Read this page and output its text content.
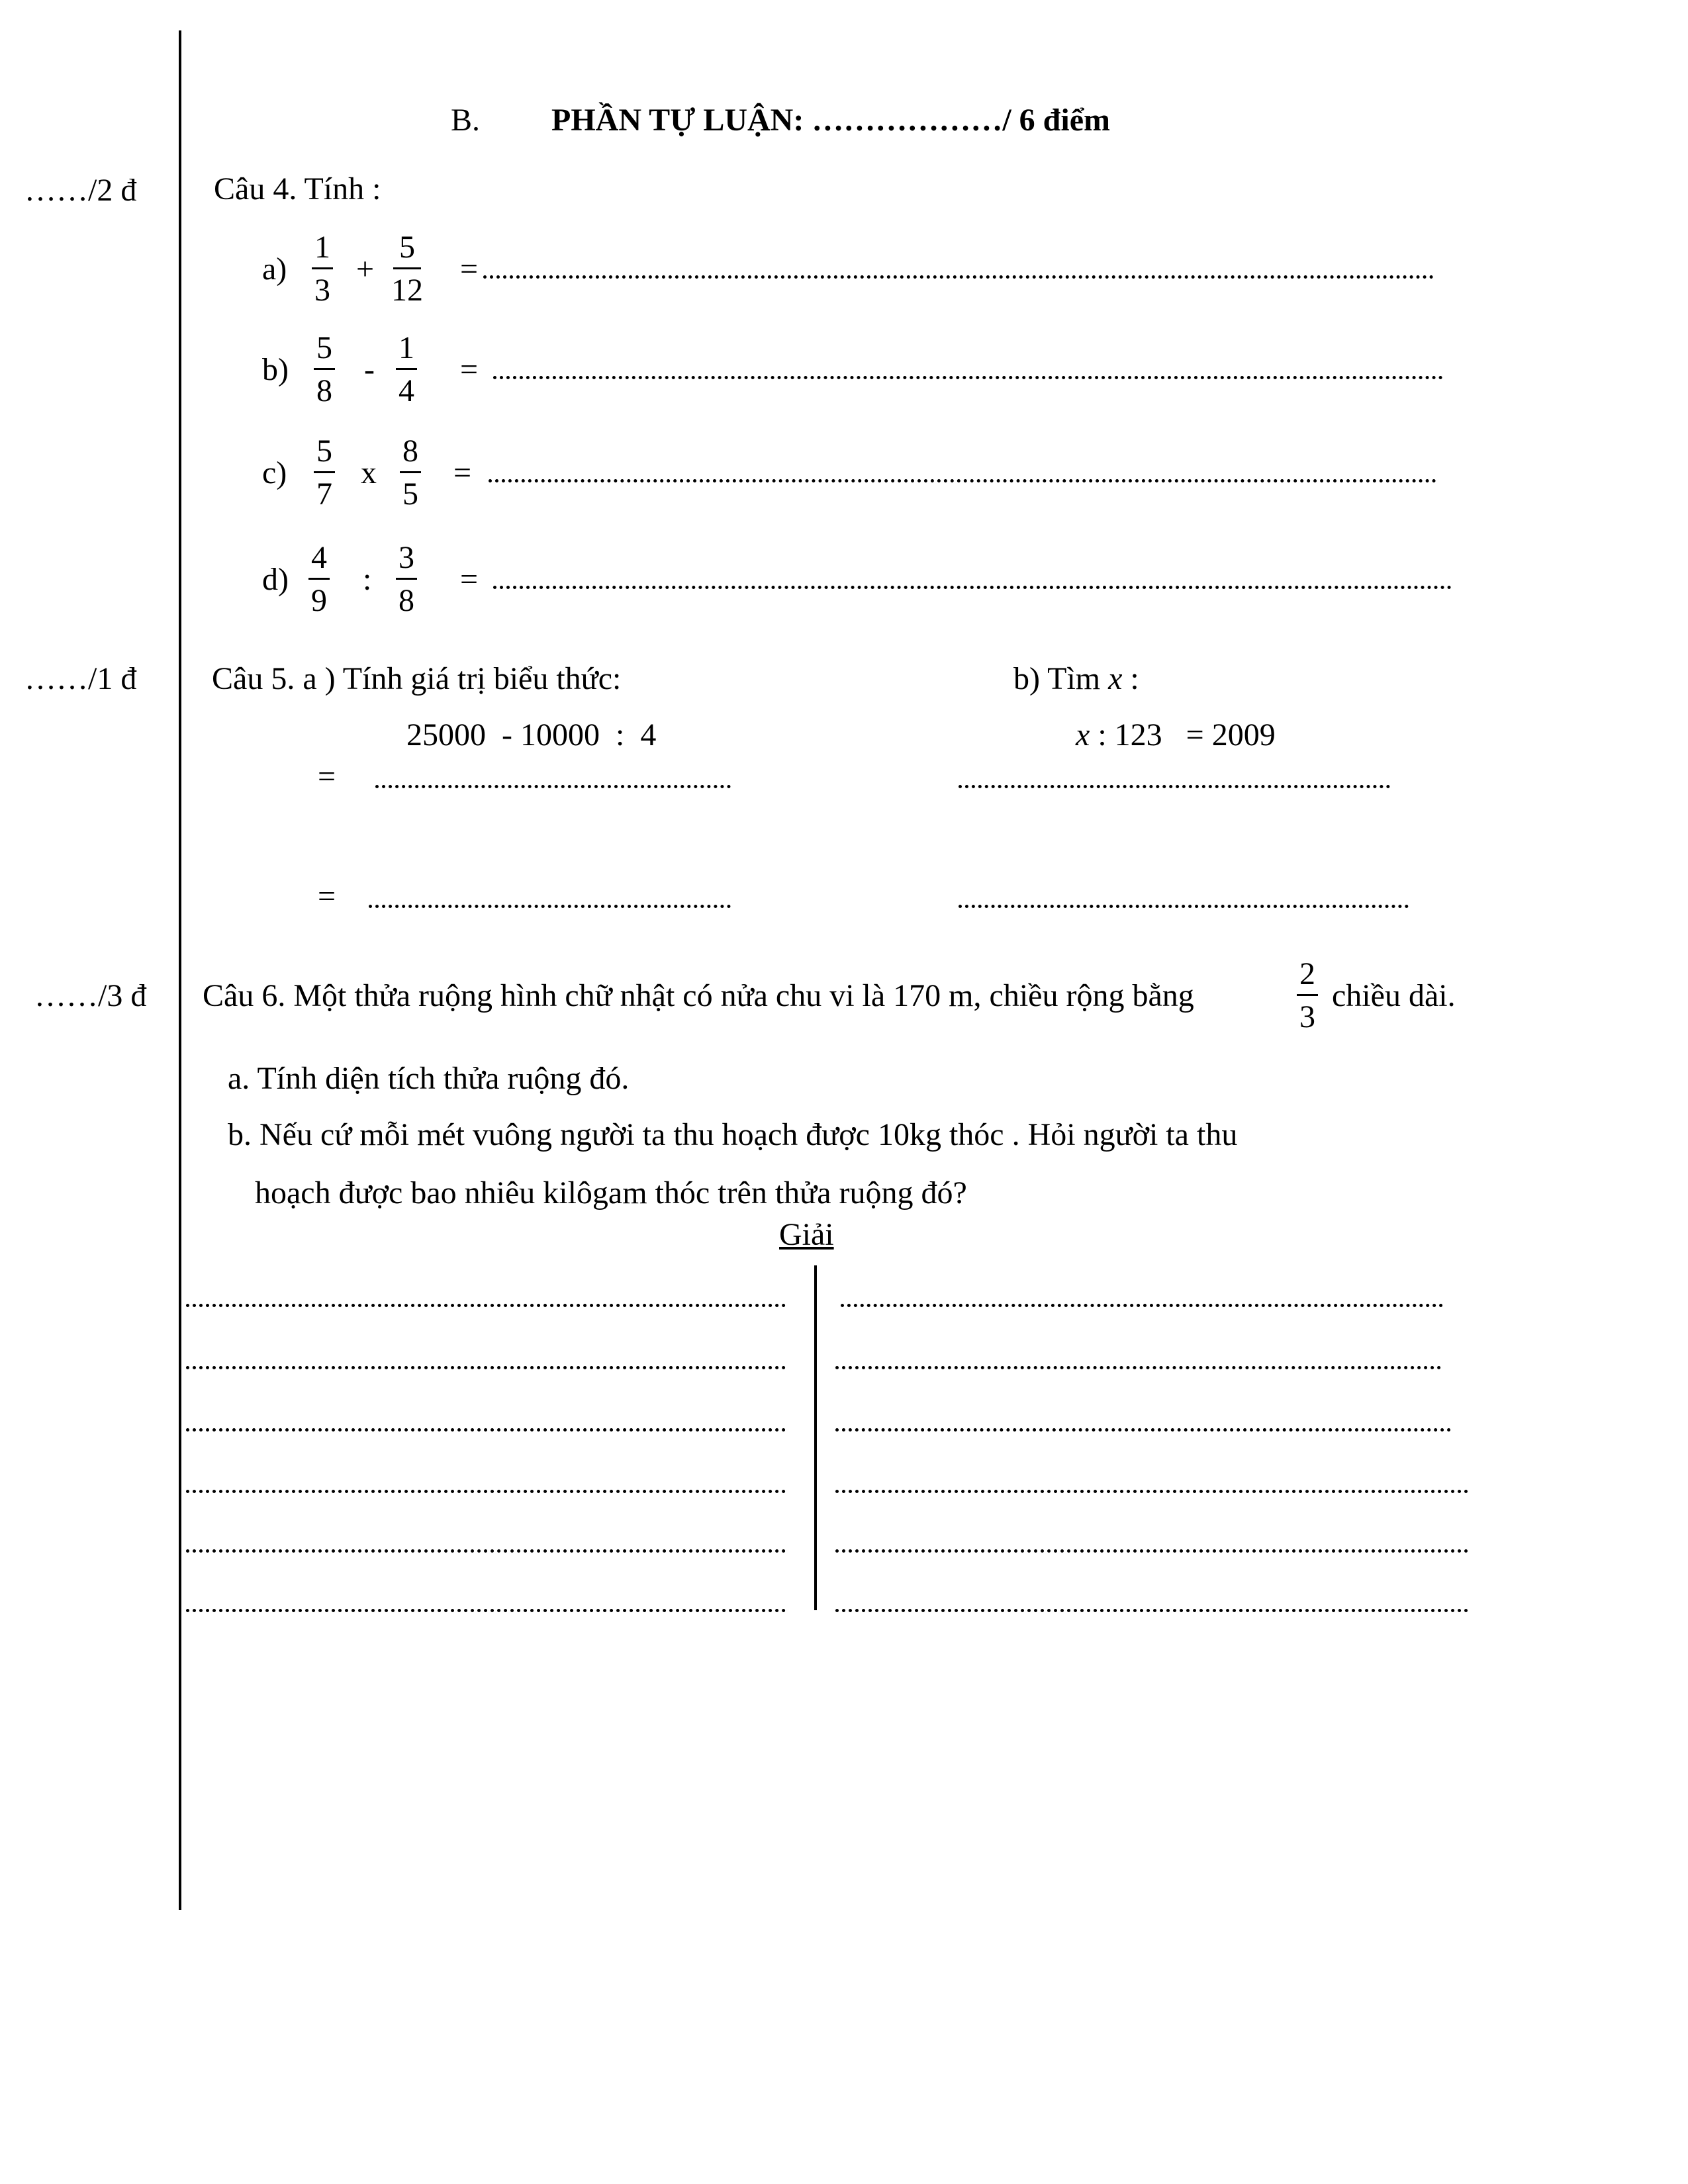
B. PHẦN TỰ LUẬN: ………………/ 6 điểm
……/2 đ Câu 4. Tính :
a)
1
3
+
5
12
=
b)
5
8
-
1
4
=
c)
5
7
x
8
5
=
d)
4
9
:
3
8
=
……/1 đ Câu 5. a ) Tính giá trị biểu thức:	b) Tìm x :
25000  - 10000  :  4	x : 123   = 2009
=
=
……/3 đ Câu 6. Một thửa ruộng hình chữ nhật có nửa chu vi là 170 m, chiều rộng bằng
2
3
chiều dài.
a. Tính diện tích thửa ruộng đó.
b. Nếu cứ mỗi mét vuông người ta thu hoạch được 10kg thóc . Hỏi người ta thu
hoạch được bao nhiêu kilôgam thóc trên thửa ruộng đó?
Giải
